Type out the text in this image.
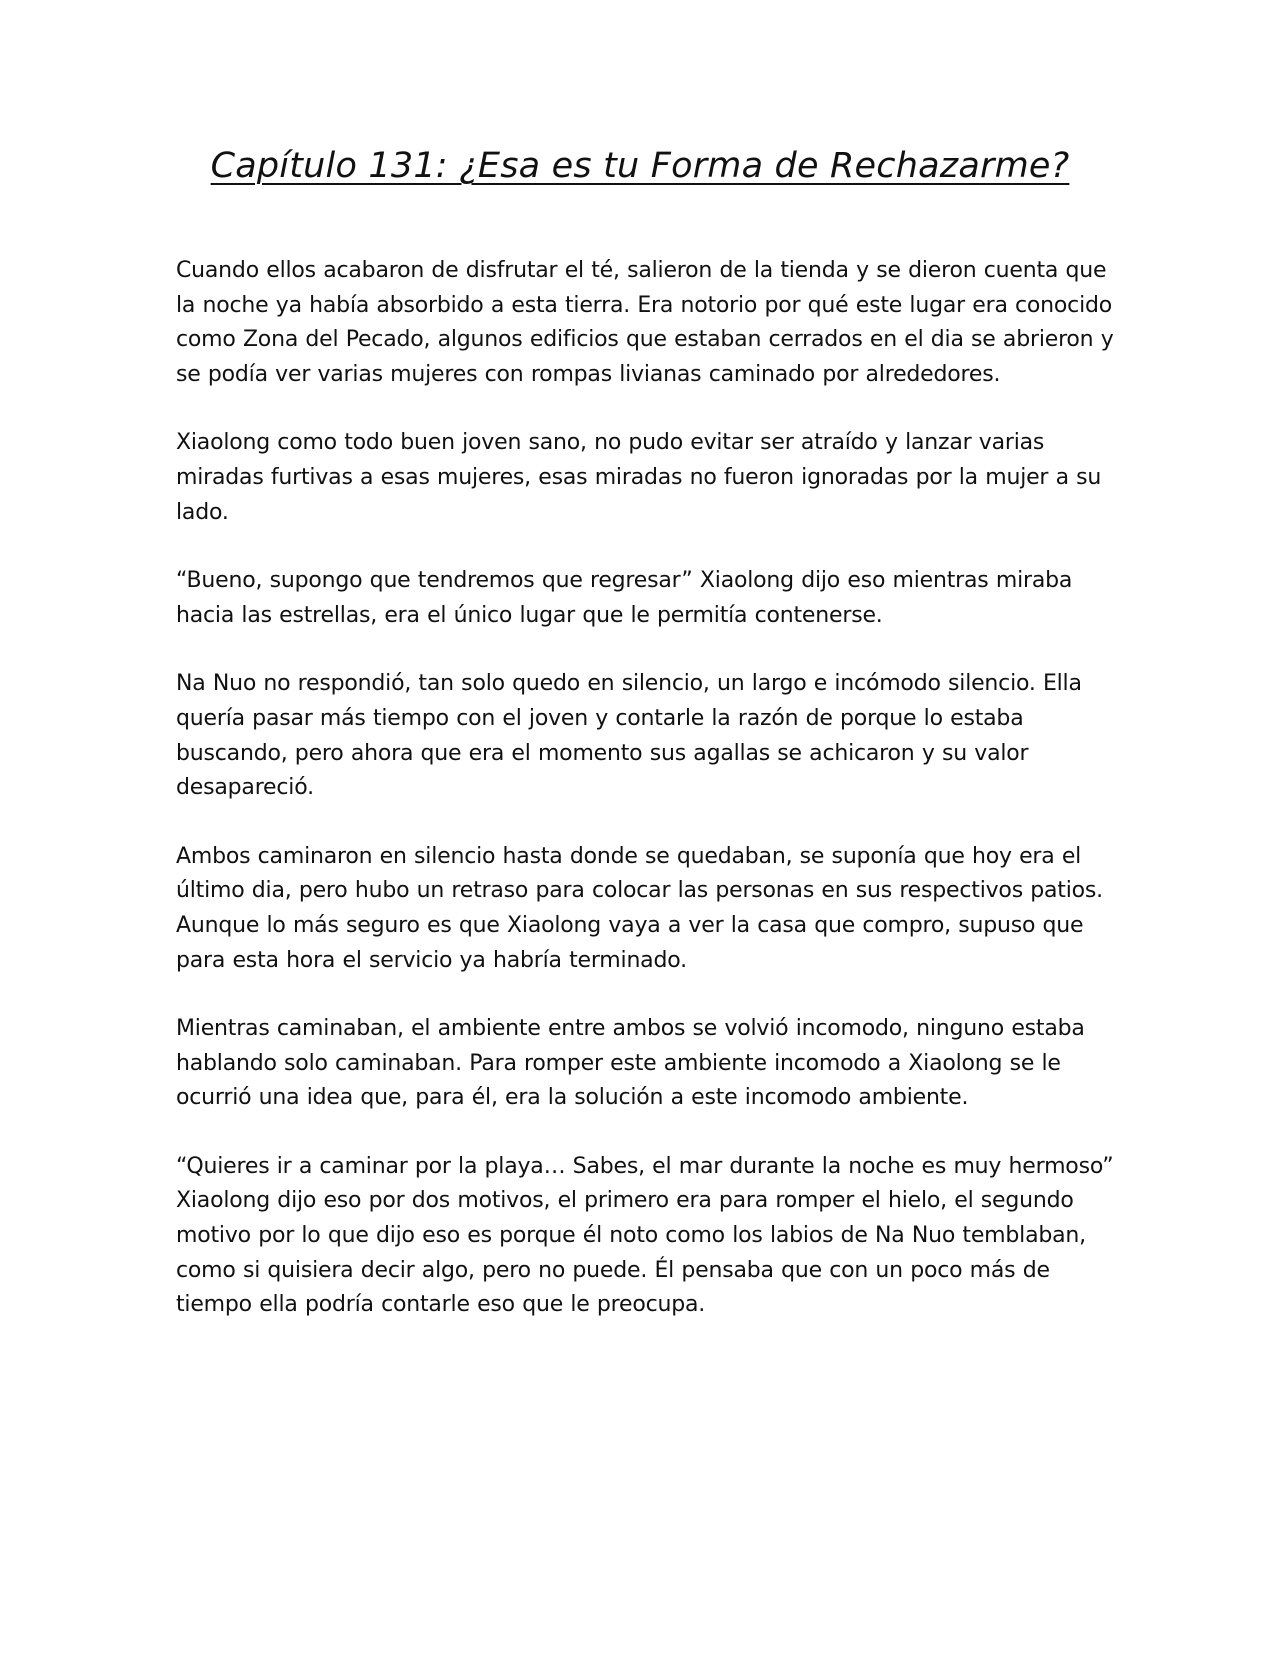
Capítulo 131: ¿Esa es tu Forma de Rechazarme?

Cuando ellos acabaron de disfrutar el té, salieron de la tienda y se dieron cuenta que la noche ya había absorbido a esta tierra. Era notorio por qué este lugar era conocido como Zona del Pecado, algunos edificios que estaban cerrados en el dia se abrieron y se podía ver varias mujeres con rompas livianas caminado por alrededores.

Xiaolong como todo buen joven sano, no pudo evitar ser atraído y lanzar varias miradas furtivas a esas mujeres, esas miradas no fueron ignoradas por la mujer a su lado.

“Bueno, supongo que tendremos que regresar” Xiaolong dijo eso mientras miraba hacia las estrellas, era el único lugar que le permitía contenerse.

Na Nuo no respondió, tan solo quedo en silencio, un largo e incómodo silencio. Ella quería pasar más tiempo con el joven y contarle la razón de porque lo estaba buscando, pero ahora que era el momento sus agallas se achicaron y su valor desapareció.

Ambos caminaron en silencio hasta donde se quedaban, se suponía que hoy era el último dia, pero hubo un retraso para colocar las personas en sus respectivos patios. Aunque lo más seguro es que Xiaolong vaya a ver la casa que compro, supuso que para esta hora el servicio ya habría terminado.

Mientras caminaban, el ambiente entre ambos se volvió incomodo, ninguno estaba hablando solo caminaban. Para romper este ambiente incomodo a Xiaolong se le ocurrió una idea que, para él, era la solución a este incomodo ambiente.

“Quieres ir a caminar por la playa… Sabes, el mar durante la noche es muy hermoso” Xiaolong dijo eso por dos motivos, el primero era para romper el hielo, el segundo motivo por lo que dijo eso es porque él noto como los labios de Na Nuo temblaban, como si quisiera decir algo, pero no puede. Él pensaba que con un poco más de tiempo ella podría contarle eso que le preocupa.
